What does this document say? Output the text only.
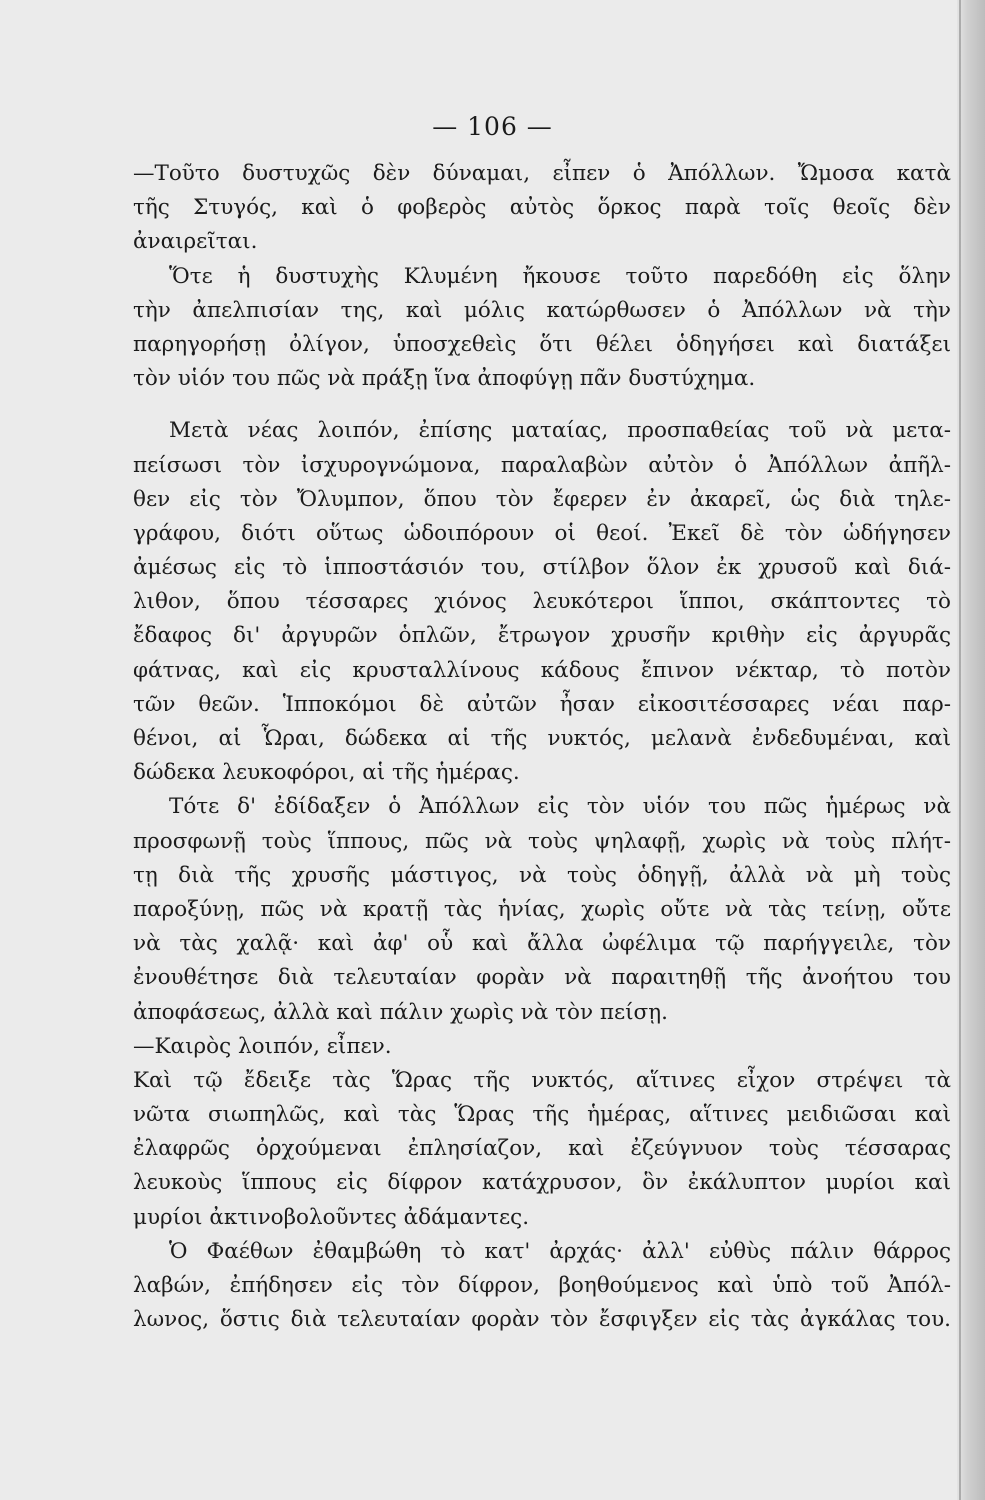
— 106 —
—Τοῦτο δυστυχῶς δὲν δύναμαι, εἶπεν ὁ Ἀπόλλων. Ὤμοσα κατὰ
τῆς Στυγός, καὶ ὁ φοβερὸς αὐτὸς ὅρκος παρὰ τοῖς θεοῖς δὲν
ἀναιρεῖται.
Ὅτε ἡ δυστυχὴς Κλυμένη ἤκουσε τοῦτο παρεδόθη εἰς ὅλην
τὴν ἀπελπισίαν της, καὶ μόλις κατώρθωσεν ὁ Ἀπόλλων νὰ τὴν
παρηγορήσῃ ὀλίγον, ὑποσχεθεὶς ὅτι θέλει ὁδηγήσει καὶ διατάξει
τὸν υἱόν του πῶς νὰ πράξῃ ἵνα ἀποφύγῃ πᾶν δυστύχημα.
Μετὰ νέας λοιπόν, ἐπίσης ματαίας, προσπαθείας τοῦ νὰ μετα-
πείσωσι τὸν ἰσχυρογνώμονα, παραλαβὼν αὐτὸν ὁ Ἀπόλλων ἀπῆλ-
θεν εἰς τὸν Ὄλυμπον, ὅπου τὸν ἔφερεν ἐν ἀκαρεῖ, ὡς διὰ τηλε-
γράφου, διότι οὕτως ὡδοιπόρουν οἱ θεοί. Ἐκεῖ δὲ τὸν ὡδήγησεν
ἀμέσως εἰς τὸ ἱπποστάσιόν του, στίλβον ὅλον ἐκ χρυσοῦ καὶ διά-
λιθον, ὅπου τέσσαρες χιόνος λευκότεροι ἵπποι, σκάπτοντες τὸ
ἔδαφος δι' ἀργυρῶν ὁπλῶν, ἔτρωγον χρυσῆν κριθὴν εἰς ἀργυρᾶς
φάτνας, καὶ εἰς κρυσταλλίνους κάδους ἔπινον νέκταρ, τὸ ποτὸν
τῶν θεῶν. Ἱπποκόμοι δὲ αὐτῶν ἦσαν εἰκοσιτέσσαρες νέαι παρ-
θένοι, αἱ Ὧραι, δώδεκα αἱ τῆς νυκτός, μελανὰ ἐνδεδυμέναι, καὶ
δώδεκα λευκοφόροι, αἱ τῆς ἡμέρας.
Τότε δ' ἐδίδαξεν ὁ Ἀπόλλων εἰς τὸν υἱόν του πῶς ἡμέρως νὰ
προσφωνῇ τοὺς ἵππους, πῶς νὰ τοὺς ψηλαφῇ, χωρὶς νὰ τοὺς πλήτ-
τῃ διὰ τῆς χρυσῆς μάστιγος, νὰ τοὺς ὁδηγῇ, ἀλλὰ νὰ μὴ τοὺς
παροξύνῃ, πῶς νὰ κρατῇ τὰς ἡνίας, χωρὶς οὔτε νὰ τὰς τείνῃ, οὔτε
νὰ τὰς χαλᾷ· καὶ ἀφ' οὗ καὶ ἄλλα ὠφέλιμα τῷ παρήγγειλε, τὸν
ἐνουθέτησε διὰ τελευταίαν φορὰν νὰ παραιτηθῇ τῆς ἀνοήτου του
ἀποφάσεως, ἀλλὰ καὶ πάλιν χωρὶς νὰ τὸν πείσῃ.
—Καιρὸς λοιπόν, εἶπεν.
Καὶ τῷ ἔδειξε τὰς Ὥρας τῆς νυκτός, αἵτινες εἶχον στρέψει τὰ
νῶτα σιωπηλῶς, καὶ τὰς Ὥρας τῆς ἡμέρας, αἵτινες μειδιῶσαι καὶ
ἐλαφρῶς ὀρχούμεναι ἐπλησίαζον, καὶ ἐζεύγνυον τοὺς τέσσαρας
λευκοὺς ἵππους εἰς δίφρον κατάχρυσον, ὃν ἐκάλυπτον μυρίοι καὶ
μυρίοι ἀκτινοβολοῦντες ἀδάμαντες.
Ὁ Φαέθων ἐθαμβώθη τὸ κατ' ἀρχάς· ἀλλ' εὐθὺς πάλιν θάρρος
λαβών, ἐπήδησεν εἰς τὸν δίφρον, βοηθούμενος καὶ ὑπὸ τοῦ Ἀπόλ-
λωνος, ὅστις διὰ τελευταίαν φορὰν τὸν ἔσφιγξεν εἰς τὰς ἀγκάλας του.
